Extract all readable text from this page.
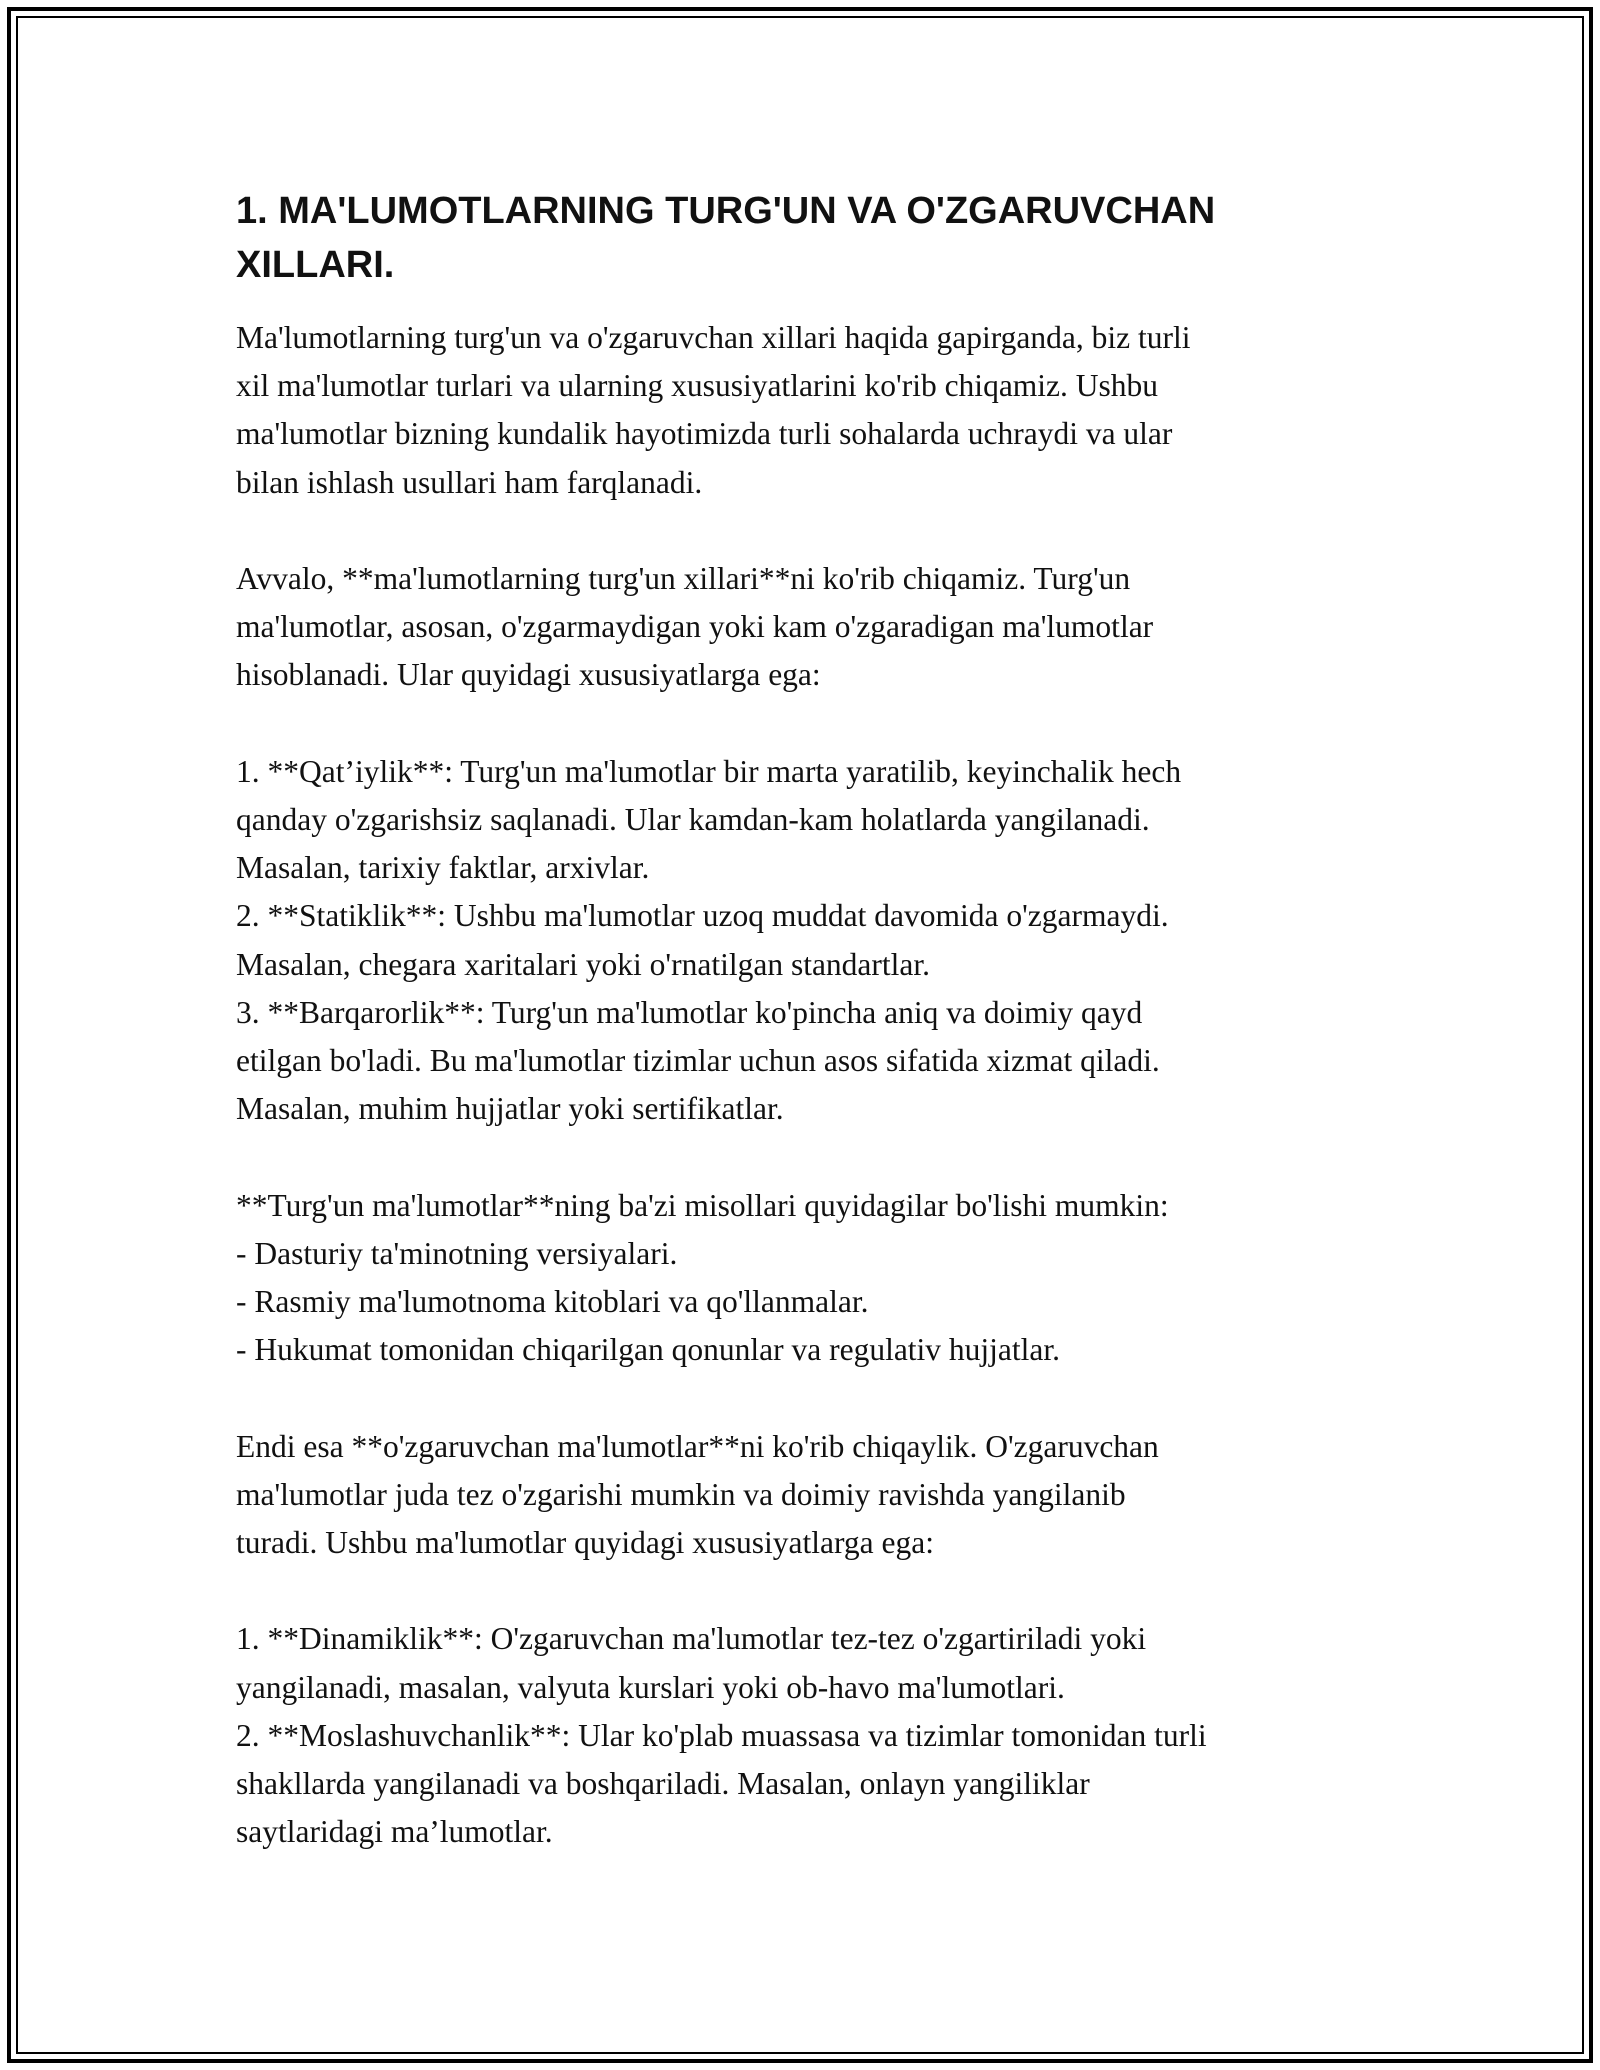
1. MA'LUMOTLARNING TURG'UN VA O'ZGARUVCHAN XILLARI.

Ma'lumotlarning turg'un va o'zgaruvchan xillari haqida gapirganda, biz turli
xil ma'lumotlar turlari va ularning xususiyatlarini ko'rib chiqamiz. Ushbu
ma'lumotlar bizning kundalik hayotimizda turli sohalarda uchraydi va ular
bilan ishlash usullari ham farqlanadi.

Avvalo, **ma'lumotlarning turg'un xillari**ni ko'rib chiqamiz. Turg'un
ma'lumotlar, asosan, o'zgarmaydigan yoki kam o'zgaradigan ma'lumotlar
hisoblanadi. Ular quyidagi xususiyatlarga ega:

1. **Qat’iylik**: Turg'un ma'lumotlar bir marta yaratilib, keyinchalik hech
qanday o'zgarishsiz saqlanadi. Ular kamdan-kam holatlarda yangilanadi.
Masalan, tarixiy faktlar, arxivlar.
2. **Statiklik**: Ushbu ma'lumotlar uzoq muddat davomida o'zgarmaydi.
Masalan, chegara xaritalari yoki o'rnatilgan standartlar.
3. **Barqarorlik**: Turg'un ma'lumotlar ko'pincha aniq va doimiy qayd
etilgan bo'ladi. Bu ma'lumotlar tizimlar uchun asos sifatida xizmat qiladi.
Masalan, muhim hujjatlar yoki sertifikatlar.

**Turg'un ma'lumotlar**ning ba'zi misollari quyidagilar bo'lishi mumkin:
- Dasturiy ta'minotning versiyalari.
- Rasmiy ma'lumotnoma kitoblari va qo'llanmalar.
- Hukumat tomonidan chiqarilgan qonunlar va regulativ hujjatlar.

Endi esa **o'zgaruvchan ma'lumotlar**ni ko'rib chiqaylik. O'zgaruvchan
ma'lumotlar juda tez o'zgarishi mumkin va doimiy ravishda yangilanib
turadi. Ushbu ma'lumotlar quyidagi xususiyatlarga ega:

1. **Dinamiklik**: O'zgaruvchan ma'lumotlar tez-tez o'zgartiriladi yoki
yangilanadi, masalan, valyuta kurslari yoki ob-havo ma'lumotlari.
2. **Moslashuvchanlik**: Ular ko'plab muassasa va tizimlar tomonidan turli
shakllarda yangilanadi va boshqariladi. Masalan, onlayn yangiliklar
saytlaridagi ma’lumotlar.
